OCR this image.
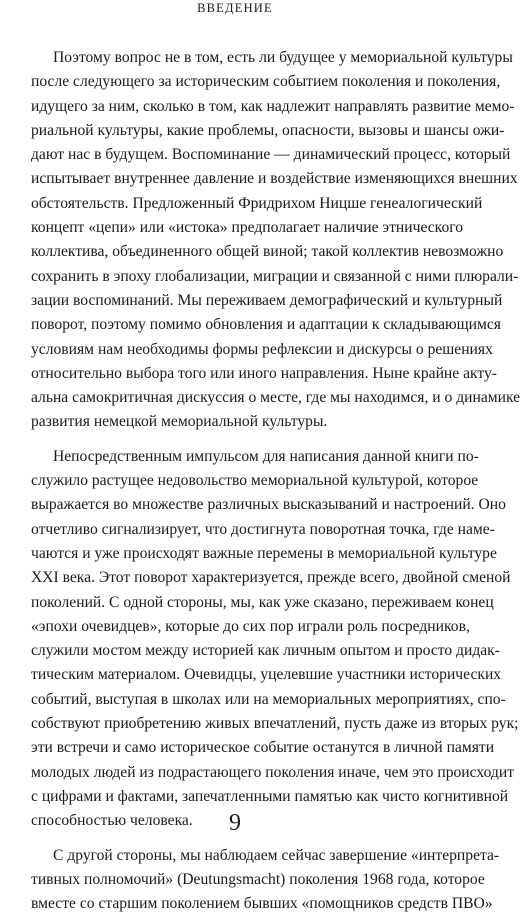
ВВЕДЕНИЕ
Поэтому вопрос не в том, есть ли будущее у мемориальной культуры
после следующего за историческим событием поколения и поколения,
идущего за ним, сколько в том, как надлежит направлять развитие мемо-
риальной культуры, какие проблемы, опасности, вызовы и шансы ожи-
дают нас в будущем. Воспоминание — динамический процесс, который
испытывает внутреннее давление и воздействие изменяющихся внешних
обстоятельств. Предложенный Фридрихом Ницше генеалогический
концепт «цепи» или «истока» предполагает наличие этнического
коллектива, объединенного общей виной; такой коллектив невозможно
сохранить в эпоху глобализации, миграции и связанной с ними плюрали-
зации воспоминаний. Мы переживаем демографический и культурный
поворот, поэтому помимо обновления и адаптации к складывающимся
условиям нам необходимы формы рефлексии и дискурсы о решениях
относительно выбора того или иного направления. Ныне крайне акту-
альна самокритичная дискуссия о месте, где мы находимся, и о динамике
развития немецкой мемориальной культуры.
Непосредственным импульсом для написания данной книги по-
служило растущее недовольство мемориальной культурой, которое
выражается во множестве различных высказываний и настроений. Оно
отчетливо сигнализирует, что достигнута поворотная точка, где наме-
чаются и уже происходят важные перемены в мемориальной культуре
XXI века. Этот поворот характеризуется, прежде всего, двойной сменой
поколений. С одной стороны, мы, как уже сказано, переживаем конец
«эпохи очевидцев», которые до сих пор играли роль посредников,
служили мостом между историей как личным опытом и просто дидак-
тическим материалом. Очевидцы, уцелевшие участники исторических
событий, выступая в школах или на мемориальных мероприятиях, спо-
собствуют приобретению живых впечатлений, пусть даже из вторых рук;
эти встречи и само историческое событие останутся в личной памяти
молодых людей из подрастающего поколения иначе, чем это происходит
с цифрами и фактами, запечатленными памятью как чисто когнитивной
способностью человека.
С другой стороны, мы наблюдаем сейчас завершение «интерпрета-
тивных полномочий» (Deutungsmacht) поколения 1968 года, которое
вместе со старшим поколением бывших «помощников средств ПВО»
9
